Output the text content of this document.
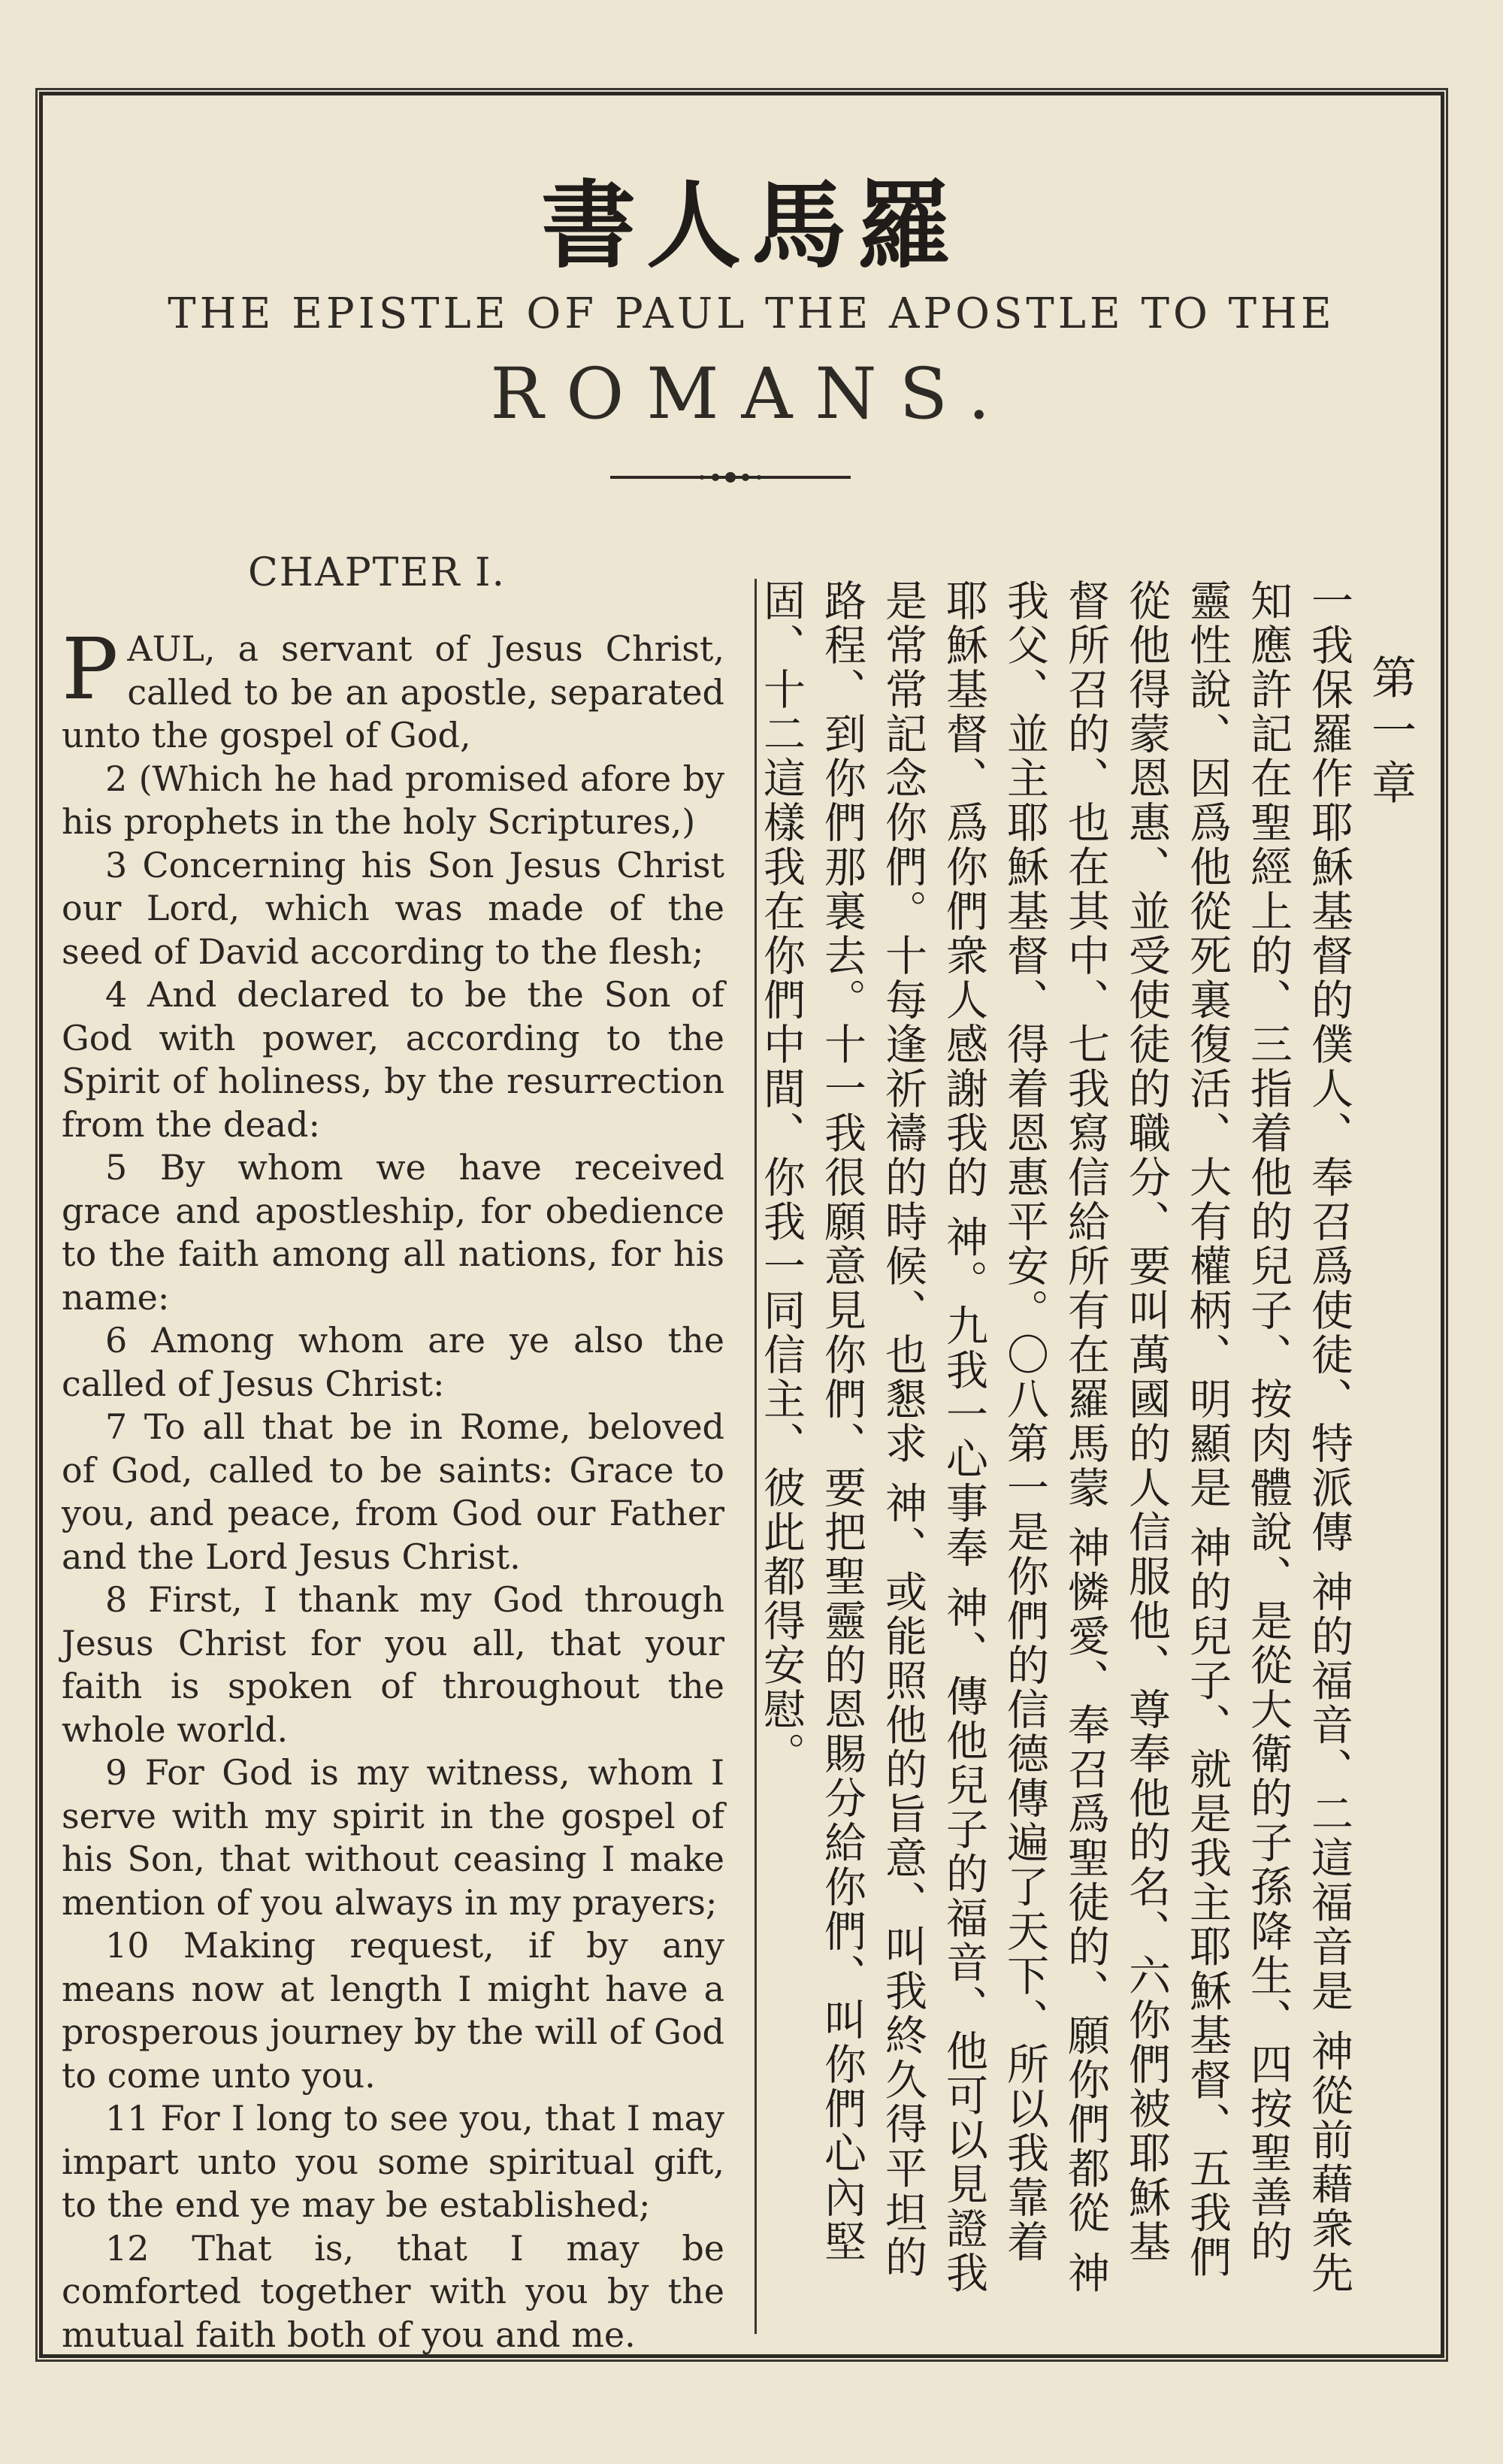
書人馬羅
THE EPISTLE OF PAUL THE APOSTLE TO THE
ROMANS.
CHAPTER I.

PAUL, a servant of Jesus Christ, called to be an apostle, separated unto the gospel of God,

2 (Which he had promised afore by his prophets in the holy Scriptures,)

3 Concerning his Son Jesus Christ our Lord, which was made of the seed of David according to the flesh;

4 And declared to be the Son of God with power, according to the Spirit of holiness, by the resurrection from the dead:

5 By whom we have received grace and apostleship, for obedience to the faith among all nations, for his name:

6 Among whom are ye also the called of Jesus Christ:

7 To all that be in Rome, beloved of God, called to be saints: Grace to you, and peace, from God our Father and the Lord Jesus Christ.

8 First, I thank my God through Jesus Christ for you all, that your faith is spoken of throughout the whole world.

9 For God is my witness, whom I serve with my spirit in the gospel of his Son, that without ceasing I make mention of you always in my prayers;

10 Making request, if by any means now at length I might have a prosperous journey by the will of God to come unto you.

11 For I long to see you, that I may impart unto you some spiritual gift, to the end ye may be established;

12 That is, that I may be comforted together with you by the mutual faith both of you and me.

第一章
一我保羅作耶穌基督的僕人、奉召爲使徒、特派傳 神的福音、二這福音是 神從前藉衆先知應許記在聖經上的、三指着他的兒子、按肉體說、是從大衛的子孫降生、四按聖善的靈性說、因爲他從死裏復活、大有權柄、明顯是 神的兒子、就是我主耶穌基督、五我們從他得蒙恩惠、並受使徒的職分、要叫萬國的人信服他、尊奉他的名、六你們被耶穌基督所召的、也在其中、七我寫信給所有在羅馬蒙 神憐愛、奉召爲聖徒的、願你們都從 神我父、並主耶穌基督、得着恩惠平安。〇八第一是你們的信德傳遍了天下、所以我靠着耶穌基督、爲你們衆人感謝我的 神。九我一心事奉 神、傳他兒子的福音、他可以見證我是常常記念你們。十每逢祈禱的時候、也懇求 神、或能照他的旨意、叫我終久得平坦的路程、到你們那裏去。十一我很願意見你們、要把聖靈的恩賜分給你們、叫你們心內堅固、十二這樣我在你們中間、你我一同信主、彼此都得安慰。
